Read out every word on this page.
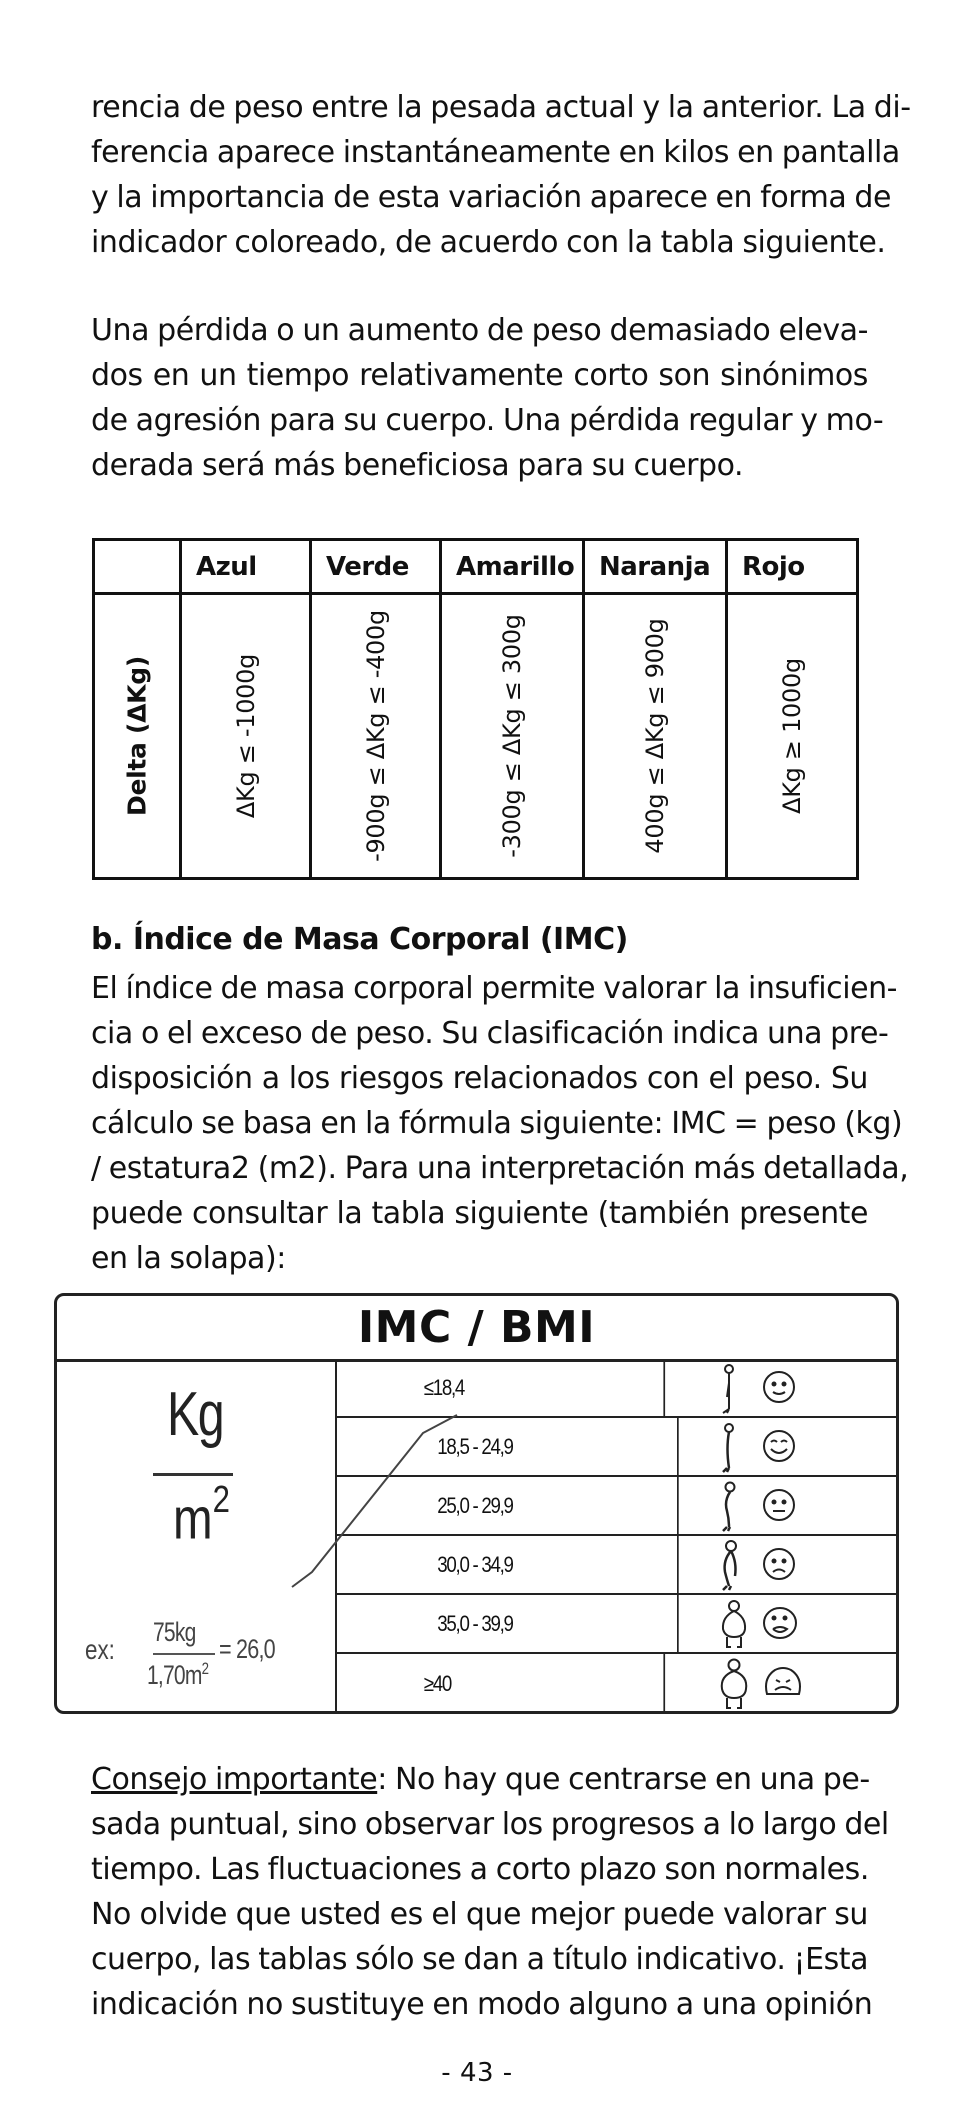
rencia de peso entre la pesada actual y la anterior. La di-
ferencia aparece instantáneamente en kilos en pantalla
y la importancia de esta variación aparece en forma de
indicador coloreado, de acuerdo con la tabla siguiente.

Una pérdida o un aumento de peso demasiado eleva-
dos en un tiempo relativamente corto son sinónimos
de agresión para su cuerpo. Una pérdida regular y mo-
derada será más beneficiosa para su cuerpo.

	Azul	Verde	Amarillo	Naranja	Rojo

Delta (ΔKg)	ΔKg ≤ -1000g	-900g ≤ ΔKg ≤ -400g	-300g ≤ ΔKg ≤ 300g	400g ≤ ΔKg ≤ 900g	ΔKg ≥ 1000g
b. Índice de Masa Corporal (IMC)

El índice de masa corporal permite valorar la insuficien-
cia o el exceso de peso. Su clasificación indica una pre-
disposición a los riesgos relacionados con el peso. Su
cálculo se basa en la fórmula siguiente: IMC = peso (kg)
/ estatura2 (m2). Para una interpretación más detallada,
puede consultar la tabla siguiente (también presente
en la solapa):

IMC / BMI
Kg
$m^2$
ex:
75kg
$1,70m^2$
= 26,0
≤18,4
18,5 - 24,9
25,0 - 29,9
30,0 - 34,9
35,0 - 39,9
≥40

Consejo importante: No hay que centrarse en una pe-
sada puntual, sino observar los progresos a lo largo del
tiempo. Las fluctuaciones a corto plazo son normales.
No olvide que usted es el que mejor puede valorar su
cuerpo, las tablas sólo se dan a título indicativo. ¡Esta
indicación no sustituye en modo alguno a una opinión

- 43 -
